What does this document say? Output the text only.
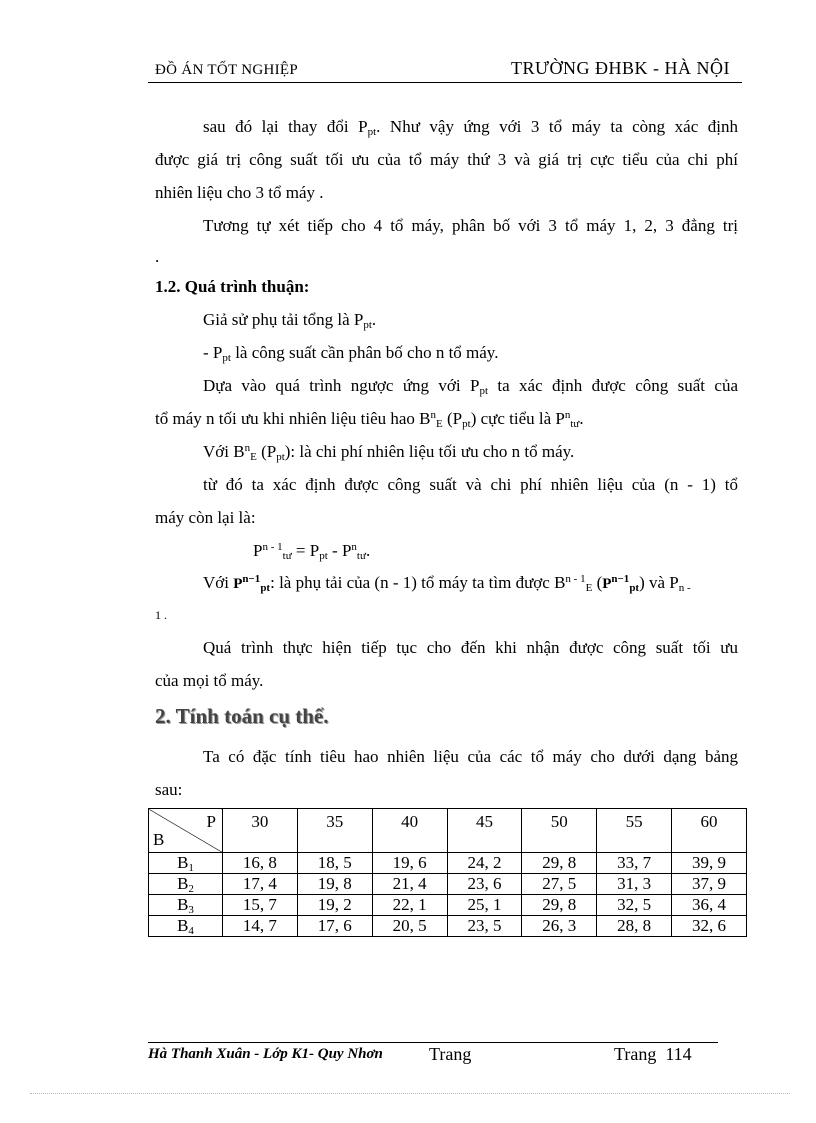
ĐỒ ÁN TỐT NGHIỆP	TRƯỜNG ĐHBK - HÀ NỘI
sau đó lại thay đổi $P_{pt}$. Như vậy ứng với 3 tổ máy ta còng xác định
được giá trị công suất tối ưu của tổ máy thứ 3 và giá trị cực tiểu của chi phí
nhiên liệu cho 3 tổ máy .
Tương tự xét tiếp cho 4 tổ máy, phân bố với 3 tổ máy 1, 2, 3 đẳng trị
.
1.2. Quá trình thuận:
Giả sử phụ tải tổng là $P_{pt}$.
- $P_{pt}$ là công suất cần phân bố cho n tổ máy.
Dựa vào quá trình ngược ứng với $P_{pt}$ ta xác định được công suất của
tổ máy n tối ưu khi nhiên liệu tiêu hao $B^n_E$ $(P_{pt})$ cực tiểu là $P^n_{tư}$.
Với $B^n_E$ $(P_{pt})$: là chi phí nhiên liệu tối ưu cho n tổ máy.
từ đó ta xác định được công suất và chi phí nhiên liệu của (n - 1) tổ
máy còn lại là:
$P^{n - 1}_{tư} = P_{pt} - P^n_{tư}$.
Với $P^{n-1}_{pt}$: là phụ tải của (n - 1) tổ máy ta tìm được $B^{n - 1}_E$ $(P^{n-1}_{pt})$ và $P_{n -}$
1 .
Quá trình thực hiện tiếp tục cho đến khi nhận được công suất tối ưu
của mọi tổ máy.
2. Tính toán cụ thể.
Ta có đặc tính tiêu hao nhiên liệu của các tổ máy cho dưới dạng bảng
sau:
P
B	30	35	40	45	50	55	60
$B_1$	16, 8	18, 5	19, 6	24, 2	29, 8	33, 7	39, 9
$B_2$	17, 4	19, 8	21, 4	23, 6	27, 5	31, 3	37, 9
$B_3$	15, 7	19, 2	22, 1	25, 1	29, 8	32, 5	36, 4
$B_4$	14, 7	17, 6	20, 5	23, 5	26, 3	28, 8	32, 6
Hà Thanh Xuân - Lớp K1- Quy Nhơn	Trang	Trang  114
